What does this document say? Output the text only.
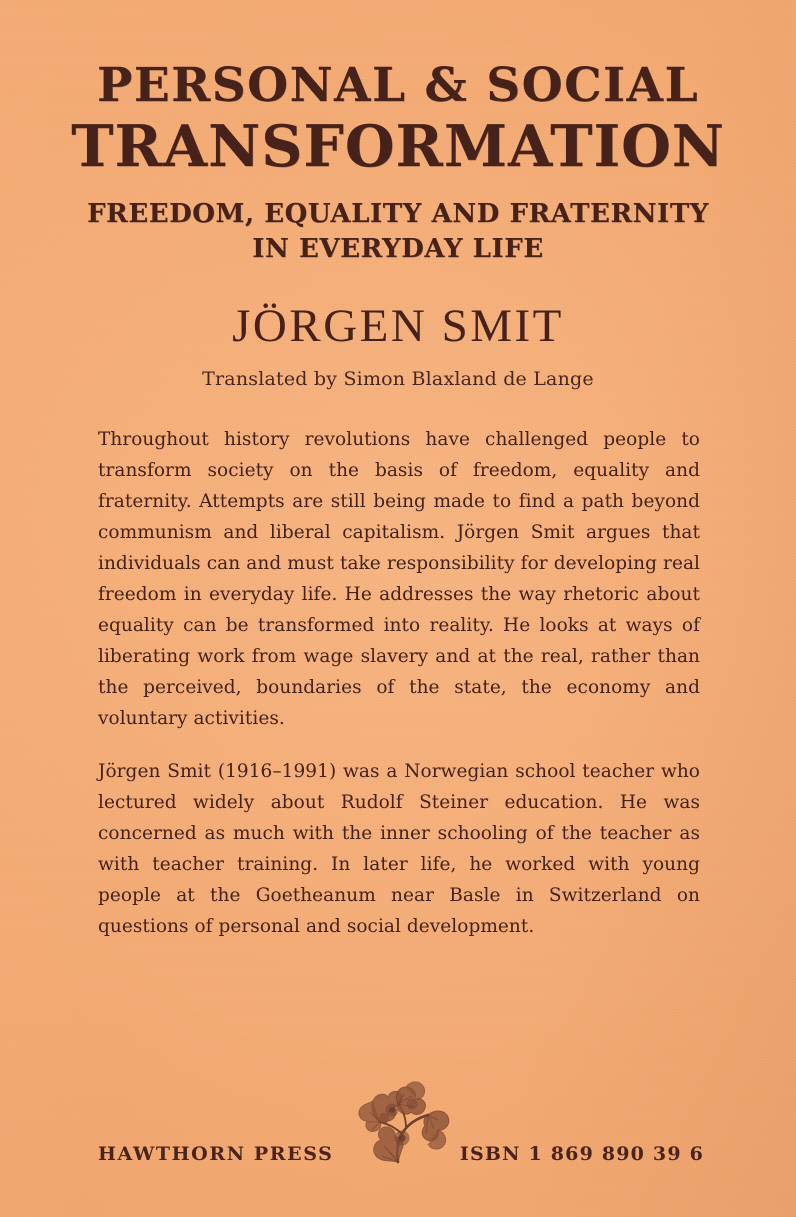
PERSONAL & SOCIAL
TRANSFORMATION
FREEDOM, EQUALITY AND FRATERNITY
IN EVERYDAY LIFE
JÖRGEN SMIT
Translated by Simon Blaxland de Lange

Throughout history revolutions have challenged people to transform society on the basis of freedom, equality and fraternity. Attempts are still being made to find a path beyond communism and liberal capitalism. Jörgen Smit argues that individuals can and must take responsibility for developing real freedom in everyday life. He addresses the way rhetoric about equality can be transformed into reality. He looks at ways of liberating work from wage slavery and at the real, rather than the perceived, boundaries of the state, the economy and voluntary activities.

Jörgen Smit (1916–1991) was a Norwegian school teacher who lectured widely about Rudolf Steiner education. He was concerned as much with the inner schooling of the teacher as with teacher training. In later life, he worked with young people at the Goetheanum near Basle in Switzerland on questions of personal and social development.

HAWTHORN PRESS	ISBN 1 869 890 39 6
